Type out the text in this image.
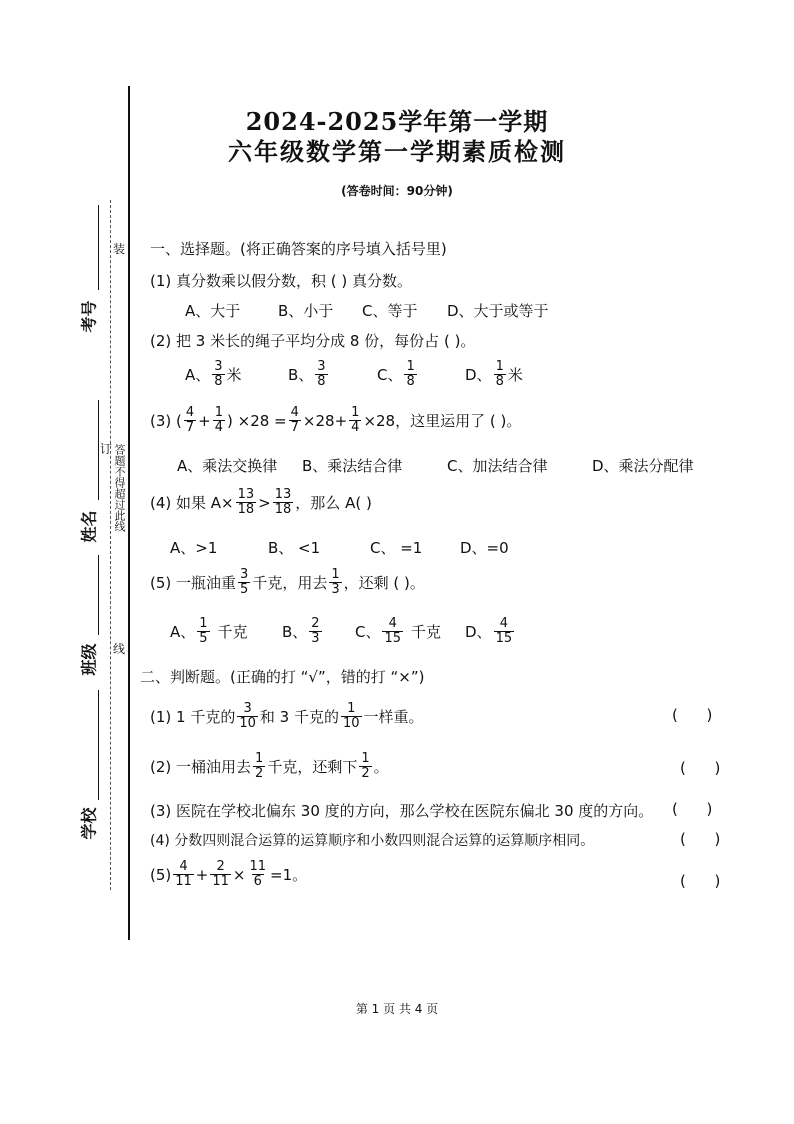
考号
姓名
班级
学校
装
订
线
答题不得超过此线
2024-2025学年第一学期
六年级数学第一学期素质检测
(答卷时间：90分钟)
一、选择题。(将正确答案的序号填入括号里)
(1) 真分数乘以假分数，积 ( ) 真分数。
A、大于	B、小于 C、等于 D、大于或等于
(2) 把 3 米长的绳子平均分成 8 份，每份占 ( )。
A、 $\frac{3}{8}$ 米	B、 $\frac{3}{8}$	C、 $\frac{1}{8}$	D、 $\frac{1}{8}$ 米
(3) ( $\frac{4}{7} + \frac{1}{4}$ ) $\times 28 = \frac{4}{7} \times 28+ \frac{1}{4} \times 28$，这里运用了 ( )。
A、乘法交换律 B、乘法结合律	C、加法结合律	D、乘法分配律
(4) 如果 $A\times \frac{13}{18} > \frac{13}{18}$ ，那么 A( )
A、>1	B、 <1	C、 =1	D、=0
(5) 一瓶油重 $\frac{3}{5}$ 千克，用去 $\frac{1}{3}$ ，还剩 ( )。
A、 $\frac{1}{5}$ 千克 B、 $\frac{2}{3}$ C、 $\frac{4}{15}$ 千克 D、 $\frac{4}{15}$
二、判断题。(正确的打 “√”，错的打 “×”)
(1) 1 千克的 $\frac{3}{10}$ 和 3 千克的 $\frac{1}{10}$ 一样重。	(      )
(2) 一桶油用去 $\frac{1}{2}$ 千克，还剩下 $\frac{1}{2}$ 。	(      )
(3) 医院在学校北偏东 30 度的方向，那么学校在医院东偏北 30 度的方向。 (      )
(4) 分数四则混合运算的运算顺序和小数四则混合运算的运算顺序相同。	(      )
$(5) \frac{4}{11} + \frac{2}{11} \times \frac{11}{6} =1$。	(      )
第 1 页 共 4 页
